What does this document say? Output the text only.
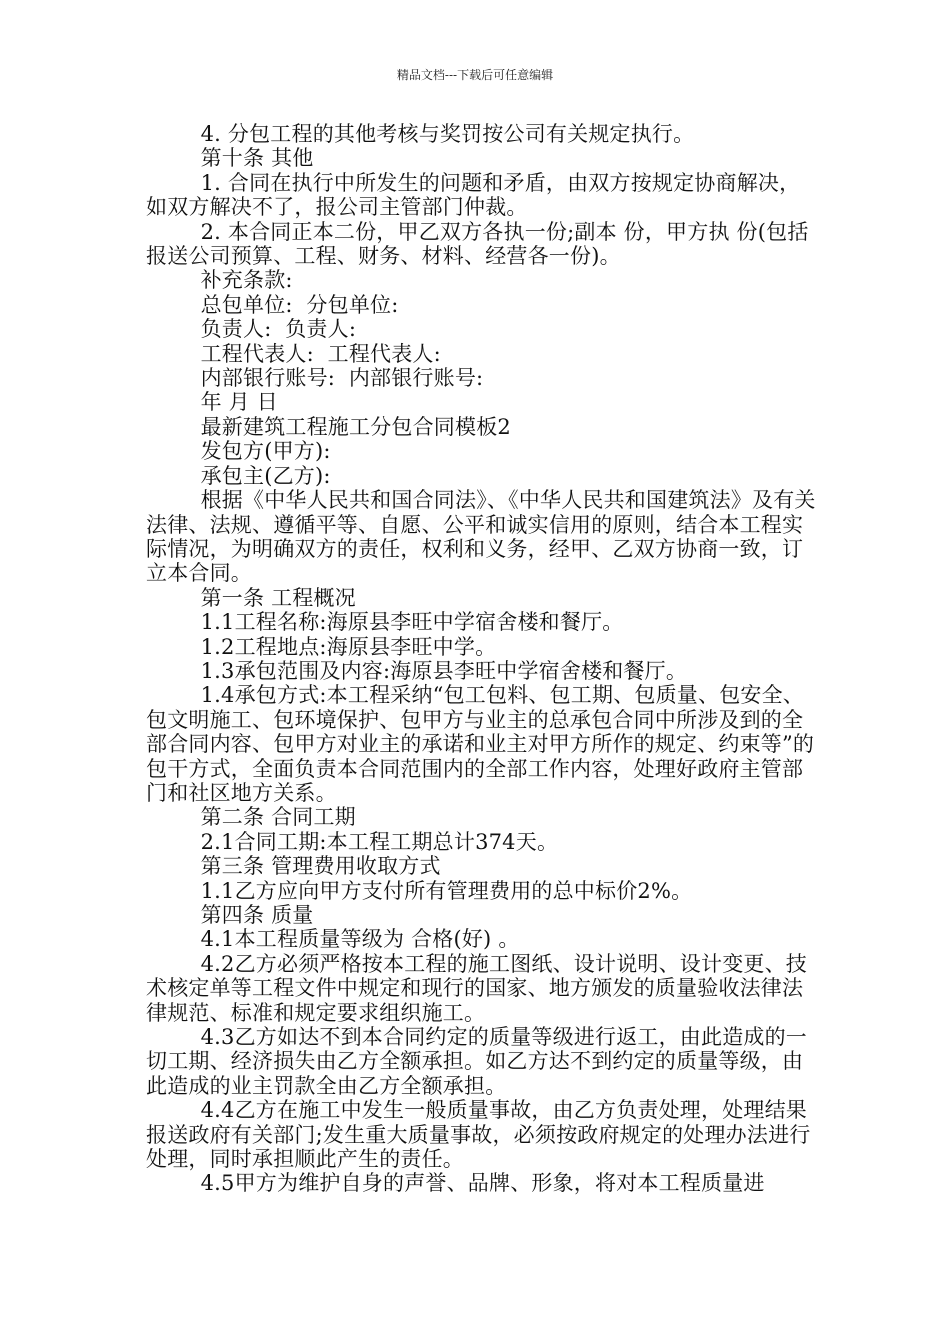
精品文档---下载后可任意编辑

4. 分包工程的其他考核与奖罚按公司有关规定执行。

第十条 其他

1. 合同在执行中所发生的问题和矛盾，由双方按规定协商解决，如双方解决不了，报公司主管部门仲裁。

2. 本合同正本二份，甲乙双方各执一份;副本 份，甲方执 份(包括报送公司预算、工程、财务、材料、经营各一份)。

补充条款:

总包单位:  分包单位:

负责人:  负责人:

工程代表人:  工程代表人:

内部银行账号:  内部银行账号:

年 月 日

最新建筑工程施工分包合同模板2

发包方(甲方):

承包主(乙方):

根据《中华人民共和国合同法》、《中华人民共和国建筑法》及有关法律、法规、遵循平等、自愿、公平和诚实信用的原则，结合本工程实际情况，为明确双方的责任，权利和义务，经甲、乙双方协商一致，订立本合同。

第一条 工程概况

1.1工程名称:海原县李旺中学宿舍楼和餐厅。

1.2工程地点:海原县李旺中学。

1.3承包范围及内容:海原县李旺中学宿舍楼和餐厅。

1.4承包方式:本工程采纳“包工包料、包工期、包质量、包安全、包文明施工、包环境保护、包甲方与业主的总承包合同中所涉及到的全部合同内容、包甲方对业主的承诺和业主对甲方所作的规定、约束等”的包干方式，全面负责本合同范围内的全部工作内容，处理好政府主管部门和社区地方关系。

第二条 合同工期

2.1合同工期:本工程工期总计374天。

第三条 管理费用收取方式

1.1乙方应向甲方支付所有管理费用的总中标价2%。

第四条 质量

4.1本工程质量等级为 合格(好) 。

4.2乙方必须严格按本工程的施工图纸、设计说明、设计变更、技术核定单等工程文件中规定和现行的国家、地方颁发的质量验收法律法律规范、标准和规定要求组织施工。

4.3乙方如达不到本合同约定的质量等级进行返工，由此造成的一切工期、经济损失由乙方全额承担。如乙方达不到约定的质量等级，由此造成的业主罚款全由乙方全额承担。

4.4乙方在施工中发生一般质量事故，由乙方负责处理，处理结果报送政府有关部门;发生重大质量事故，必须按政府规定的处理办法进行处理，同时承担顺此产生的责任。

4.5甲方为维护自身的声誉、品牌、形象，将对本工程质量进
